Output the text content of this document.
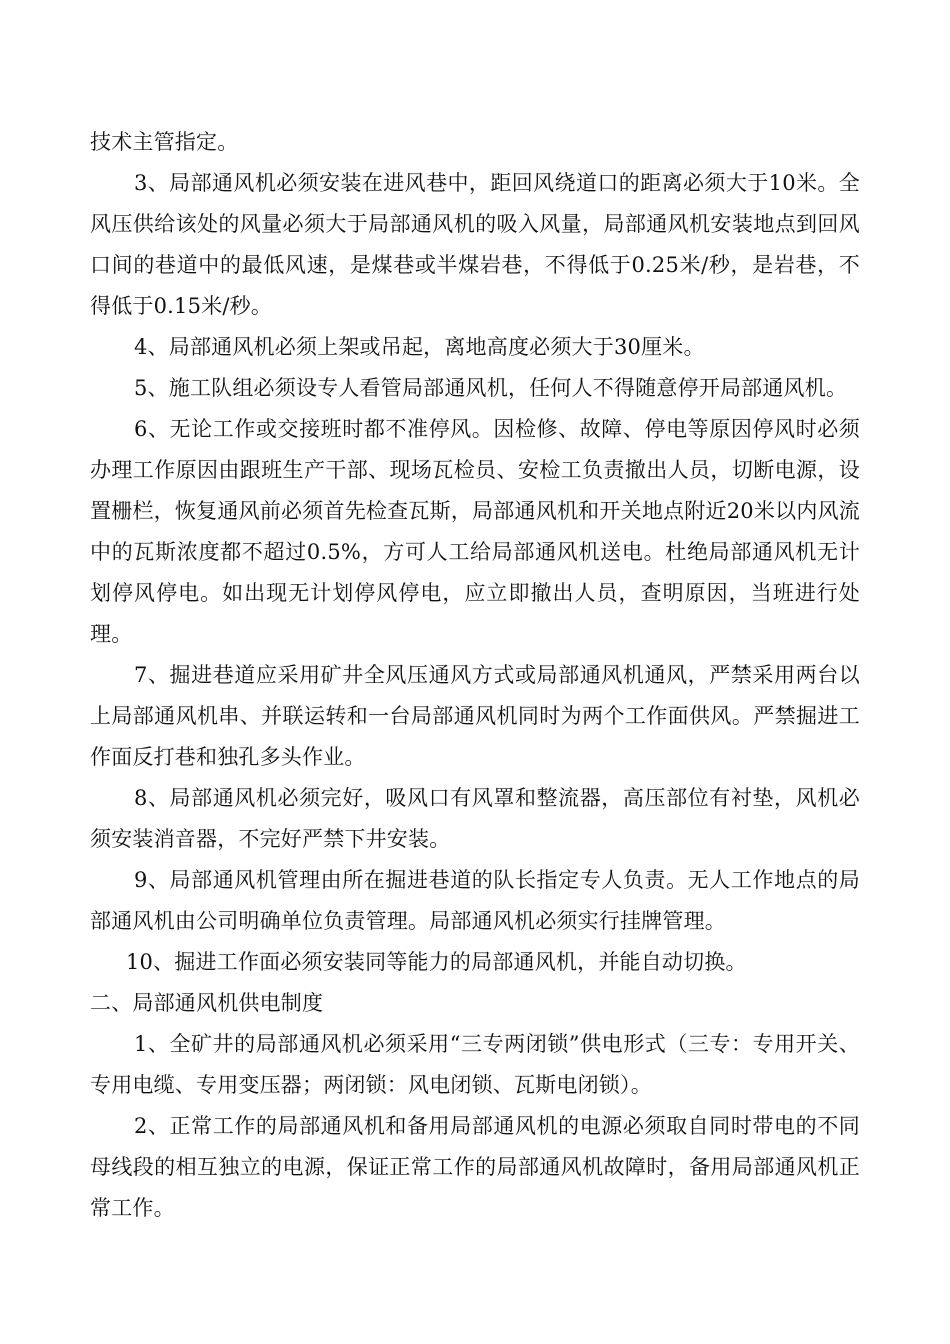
技术主管指定。

3、局部通风机必须安装在进风巷中，距回风绕道口的距离必须大于10米。全风压供给该处的风量必须大于局部通风机的吸入风量，局部通风机安装地点到回风口间的巷道中的最低风速，是煤巷或半煤岩巷，不得低于0.25米/秒，是岩巷，不得低于0.15米/秒。

4、局部通风机必须上架或吊起，离地高度必须大于30厘米。

5、施工队组必须设专人看管局部通风机，任何人不得随意停开局部通风机。

6、无论工作或交接班时都不准停风。因检修、故障、停电等原因停风时必须办理工作原因由跟班生产干部、现场瓦检员、安检工负责撤出人员，切断电源，设置栅栏，恢复通风前必须首先检查瓦斯，局部通风机和开关地点附近20米以内风流中的瓦斯浓度都不超过0.5%，方可人工给局部通风机送电。杜绝局部通风机无计划停风停电。如出现无计划停风停电，应立即撤出人员，查明原因，当班进行处理。

7、掘进巷道应采用矿井全风压通风方式或局部通风机通风，严禁采用两台以上局部通风机串、并联运转和一台局部通风机同时为两个工作面供风。严禁掘进工作面反打巷和独孔多头作业。

8、局部通风机必须完好，吸风口有风罩和整流器，高压部位有衬垫，风机必须安装消音器，不完好严禁下井安装。

9、局部通风机管理由所在掘进巷道的队长指定专人负责。无人工作地点的局部通风机由公司明确单位负责管理。局部通风机必须实行挂牌管理。

10、掘进工作面必须安装同等能力的局部通风机，并能自动切换。

二、局部通风机供电制度

1、全矿井的局部通风机必须采用“三专两闭锁”供电形式（三专：专用开关、专用电缆、专用变压器；两闭锁：风电闭锁、瓦斯电闭锁）。

2、正常工作的局部通风机和备用局部通风机的电源必须取自同时带电的不同母线段的相互独立的电源，保证正常工作的局部通风机故障时，备用局部通风机正常工作。
